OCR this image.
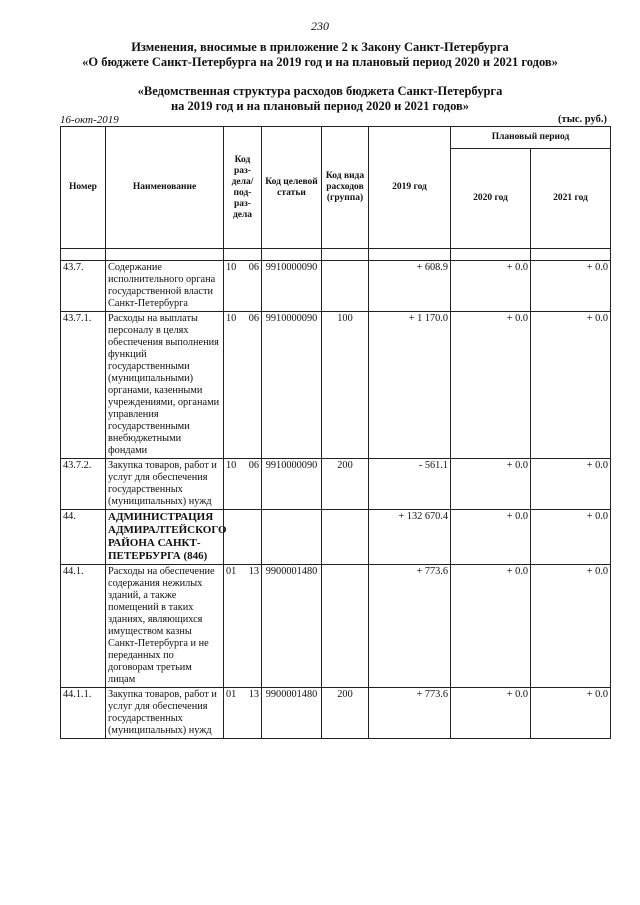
230
Изменения, вносимые в приложение 2 к Закону Санкт-Петербурга
«О бюджете Санкт-Петербурга на 2019 год и на плановый период 2020 и 2021 годов»
«Ведомственная структура расходов бюджета Санкт-Петербурга
на 2019 год и на плановый период 2020 и 2021 годов»
16-окт-2019	(тыс. руб.)
Номер	Наименование	Код раз-дела/ под-раз-дела	Код целевой статьи	Код вида расходов (группа)	2019 год	Плановый период	
						2020 год	2021 год

43.7.	Содержание исполнительного органа государственной власти Санкт-Петербурга	10 06	9910000090		+ 608.9	+ 0.0	+ 0.0
43.7.1.	Расходы на выплаты персоналу в целях обеспечения выполнения функций государственными (муниципальными) органами, казенными учреждениями, органами управления государственными внебюджетными фондами	10 06	9910000090	100	+ 1 170.0	+ 0.0	+ 0.0
43.7.2.	Закупка товаров, работ и услуг для обеспечения государственных (муниципальных) нужд	10 06	9910000090	200	- 561.1	+ 0.0	+ 0.0
44.	АДМИНИСТРАЦИЯ АДМИРАЛТЕЙСКОГО РАЙОНА САНКТ-ПЕТЕРБУРГА (846)				+ 132 670.4	+ 0.0	+ 0.0
44.1.	Расходы на обеспечение содержания нежилых зданий, а также помещений в таких зданиях, являющихся имуществом казны Санкт-Петербурга и не переданных по договорам третьим лицам	01 13	9900001480		+ 773.6	+ 0.0	+ 0.0
44.1.1.	Закупка товаров, работ и услуг для обеспечения государственных (муниципальных) нужд	01 13	9900001480	200	+ 773.6	+ 0.0	+ 0.0
